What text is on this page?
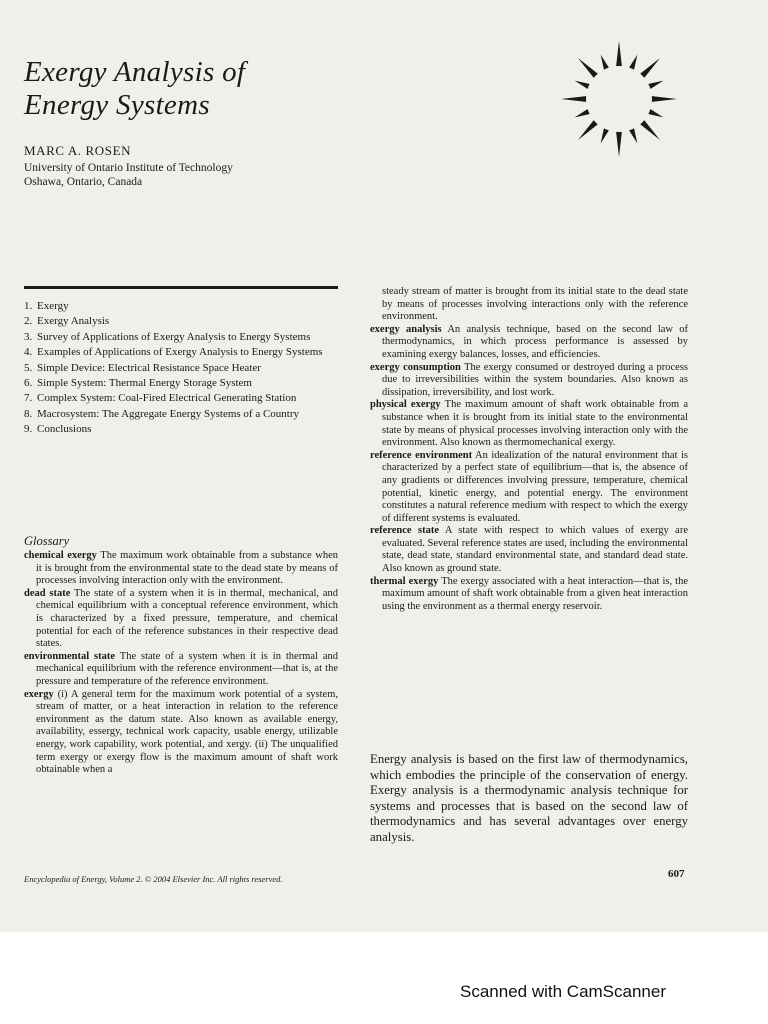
Exergy Analysis of
Energy Systems
MARC A. ROSEN
University of Ontario Institute of Technology
Oshawa, Ontario, Canada
1. Exergy
2. Exergy Analysis
3. Survey of Applications of Exergy Analysis to Energy Systems
4. Examples of Applications of Exergy Analysis to Energy Systems
5. Simple Device: Electrical Resistance Space Heater
6. Simple System: Thermal Energy Storage System
7. Complex System: Coal-Fired Electrical Generating Station
8. Macrosystem: The Aggregate Energy Systems of a Country
9. Conclusions
Glossary

chemical exergy The maximum work obtainable from a substance when it is brought from the environmental state to the dead state by means of processes involving interaction only with the environment.

dead state The state of a system when it is in thermal, mechanical, and chemical equilibrium with a conceptual reference environment, which is characterized by a fixed pressure, temperature, and chemical potential for each of the reference substances in their respective dead states.

environmental state The state of a system when it is in thermal and mechanical equilibrium with the reference environment—that is, at the pressure and temperature of the reference environment.

exergy (i) A general term for the maximum work potential of a system, stream of matter, or a heat interaction in relation to the reference environment as the datum state. Also known as available energy, availability, essergy, technical work capacity, usable energy, utilizable energy, work capability, work potential, and xergy. (ii) The unqualified term exergy or exergy flow is the maximum amount of shaft work obtainable when a

steady stream of matter is brought from its initial state to the dead state by means of processes involving interactions only with the reference environment.

exergy analysis An analysis technique, based on the second law of thermodynamics, in which process performance is assessed by examining exergy balances, losses, and efficiencies.

exergy consumption The exergy consumed or destroyed during a process due to irreversibilities within the system boundaries. Also known as dissipation, irreversibility, and lost work.

physical exergy The maximum amount of shaft work obtainable from a substance when it is brought from its initial state to the environmental state by means of physical processes involving interaction only with the environment. Also known as thermomechanical exergy.

reference environment An idealization of the natural environment that is characterized by a perfect state of equilibrium—that is, the absence of any gradients or differences involving pressure, temperature, chemical potential, kinetic energy, and potential energy. The environment constitutes a natural reference medium with respect to which the exergy of different systems is evaluated.

reference state A state with respect to which values of exergy are evaluated. Several reference states are used, including the environmental state, dead state, standard environmental state, and standard dead state. Also known as ground state.

thermal exergy The exergy associated with a heat interaction—that is, the maximum amount of shaft work obtainable from a given heat interaction using the environment as a thermal energy reservoir.

Energy analysis is based on the first law of thermodynamics, which embodies the principle of the conservation of energy. Exergy analysis is a thermodynamic analysis technique for systems and processes that is based on the second law of thermodynamics and has several advantages over energy analysis.

Encyclopedia of Energy, Volume 2. © 2004 Elsevier Inc. All rights reserved.	607
Scanned with CamScanner
